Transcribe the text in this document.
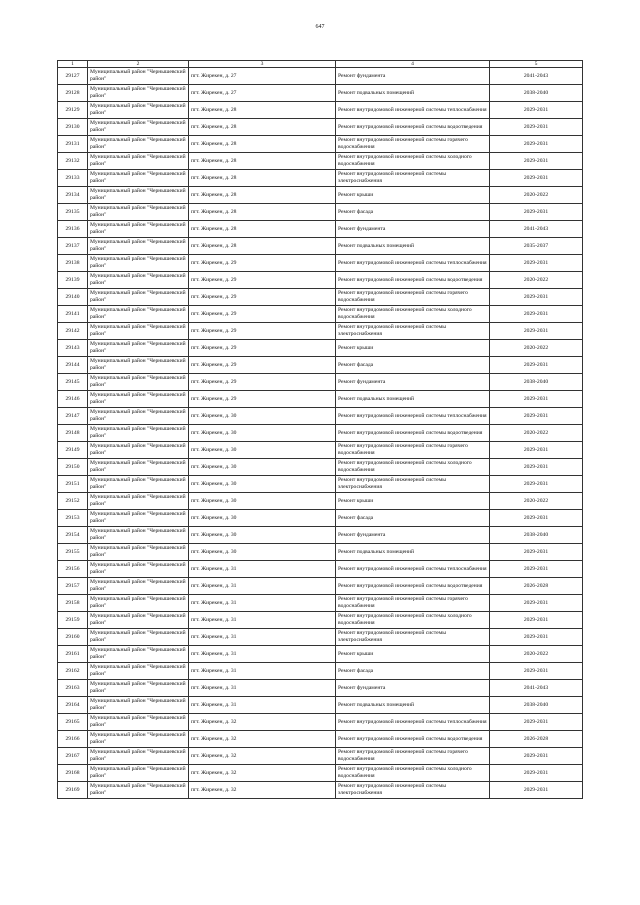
647
1	2	3	4	5
29127	Муниципальный район "Чернышевский район"	пгт. Жирекен, д. 27	Ремонт фундамента	2041-2043
29128	Муниципальный район "Чернышевский район"	пгт. Жирекен, д. 27	Ремонт подвальных помещений	2038-2040
29129	Муниципальный район "Чернышевский район"	пгт. Жирекен, д. 28	Ремонт внутридомовой инженерной системы теплоснабжения	2029-2031
29130	Муниципальный район "Чернышевский район"	пгт. Жирекен, д. 28	Ремонт внутридомовой инженерной системы водоотведения	2029-2031
29131	Муниципальный район "Чернышевский район"	пгт. Жирекен, д. 28	Ремонт внутридомовой инженерной системы горячего водоснабжения	2029-2031
29132	Муниципальный район "Чернышевский район"	пгт. Жирекен, д. 28	Ремонт внутридомовой инженерной системы холодного водоснабжения	2029-2031
29133	Муниципальный район "Чернышевский район"	пгт. Жирекен, д. 28	Ремонт внутридомовой инженерной системы электроснабжения	2029-2031
29134	Муниципальный район "Чернышевский район"	пгт. Жирекен, д. 28	Ремонт крыши	2020-2022
29135	Муниципальный район "Чернышевский район"	пгт. Жирекен, д. 28	Ремонт фасада	2029-2031
29136	Муниципальный район "Чернышевский район"	пгт. Жирекен, д. 28	Ремонт фундамента	2041-2043
29137	Муниципальный район "Чернышевский район"	пгт. Жирекен, д. 28	Ремонт подвальных помещений	2035-2037
29138	Муниципальный район "Чернышевский район"	пгт. Жирекен, д. 29	Ремонт внутридомовой инженерной системы теплоснабжения	2029-2031
29139	Муниципальный район "Чернышевский район"	пгт. Жирекен, д. 29	Ремонт внутридомовой инженерной системы водоотведения	2020-2022
29140	Муниципальный район "Чернышевский район"	пгт. Жирекен, д. 29	Ремонт внутридомовой инженерной системы горячего водоснабжения	2029-2031
29141	Муниципальный район "Чернышевский район"	пгт. Жирекен, д. 29	Ремонт внутридомовой инженерной системы холодного водоснабжения	2029-2031
29142	Муниципальный район "Чернышевский район"	пгт. Жирекен, д. 29	Ремонт внутридомовой инженерной системы электроснабжения	2029-2031
29143	Муниципальный район "Чернышевский район"	пгт. Жирекен, д. 29	Ремонт крыши	2020-2022
29144	Муниципальный район "Чернышевский район"	пгт. Жирекен, д. 29	Ремонт фасада	2029-2031
29145	Муниципальный район "Чернышевский район"	пгт. Жирекен, д. 29	Ремонт фундамента	2038-2040
29146	Муниципальный район "Чернышевский район"	пгт. Жирекен, д. 29	Ремонт подвальных помещений	2029-2031
29147	Муниципальный район "Чернышевский район"	пгт. Жирекен, д. 30	Ремонт внутридомовой инженерной системы теплоснабжения	2029-2031
29148	Муниципальный район "Чернышевский район"	пгт. Жирекен, д. 30	Ремонт внутридомовой инженерной системы водоотведения	2020-2022
29149	Муниципальный район "Чернышевский район"	пгт. Жирекен, д. 30	Ремонт внутридомовой инженерной системы горячего водоснабжения	2029-2031
29150	Муниципальный район "Чернышевский район"	пгт. Жирекен, д. 30	Ремонт внутридомовой инженерной системы холодного водоснабжения	2029-2031
29151	Муниципальный район "Чернышевский район"	пгт. Жирекен, д. 30	Ремонт внутридомовой инженерной системы электроснабжения	2029-2031
29152	Муниципальный район "Чернышевский район"	пгт. Жирекен, д. 30	Ремонт крыши	2020-2022
29153	Муниципальный район "Чернышевский район"	пгт. Жирекен, д. 30	Ремонт фасада	2029-2031
29154	Муниципальный район "Чернышевский район"	пгт. Жирекен, д. 30	Ремонт фундамента	2038-2040
29155	Муниципальный район "Чернышевский район"	пгт. Жирекен, д. 30	Ремонт подвальных помещений	2029-2031
29156	Муниципальный район "Чернышевский район"	пгт. Жирекен, д. 31	Ремонт внутридомовой инженерной системы теплоснабжения	2029-2031
29157	Муниципальный район "Чернышевский район"	пгт. Жирекен, д. 31	Ремонт внутридомовой инженерной системы водоотведения	2026-2028
29158	Муниципальный район "Чернышевский район"	пгт. Жирекен, д. 31	Ремонт внутридомовой инженерной системы горячего водоснабжения	2029-2031
29159	Муниципальный район "Чернышевский район"	пгт. Жирекен, д. 31	Ремонт внутридомовой инженерной системы холодного водоснабжения	2029-2031
29160	Муниципальный район "Чернышевский район"	пгт. Жирекен, д. 31	Ремонт внутридомовой инженерной системы электроснабжения	2029-2031
29161	Муниципальный район "Чернышевский район"	пгт. Жирекен, д. 31	Ремонт крыши	2020-2022
29162	Муниципальный район "Чернышевский район"	пгт. Жирекен, д. 31	Ремонт фасада	2029-2031
29163	Муниципальный район "Чернышевский район"	пгт. Жирекен, д. 31	Ремонт фундамента	2041-2043
29164	Муниципальный район "Чернышевский район"	пгт. Жирекен, д. 31	Ремонт подвальных помещений	2038-2040
29165	Муниципальный район "Чернышевский район"	пгт. Жирекен, д. 32	Ремонт внутридомовой инженерной системы теплоснабжения	2029-2031
29166	Муниципальный район "Чернышевский район"	пгт. Жирекен, д. 32	Ремонт внутридомовой инженерной системы водоотведения	2026-2028
29167	Муниципальный район "Чернышевский район"	пгт. Жирекен, д. 32	Ремонт внутридомовой инженерной системы горячего водоснабжения	2029-2031
29168	Муниципальный район "Чернышевский район"	пгт. Жирекен, д. 32	Ремонт внутридомовой инженерной системы холодного водоснабжения	2029-2031
29169	Муниципальный район "Чернышевский район"	пгт. Жирекен, д. 32	Ремонт внутридомовой инженерной системы электроснабжения	2029-2031
